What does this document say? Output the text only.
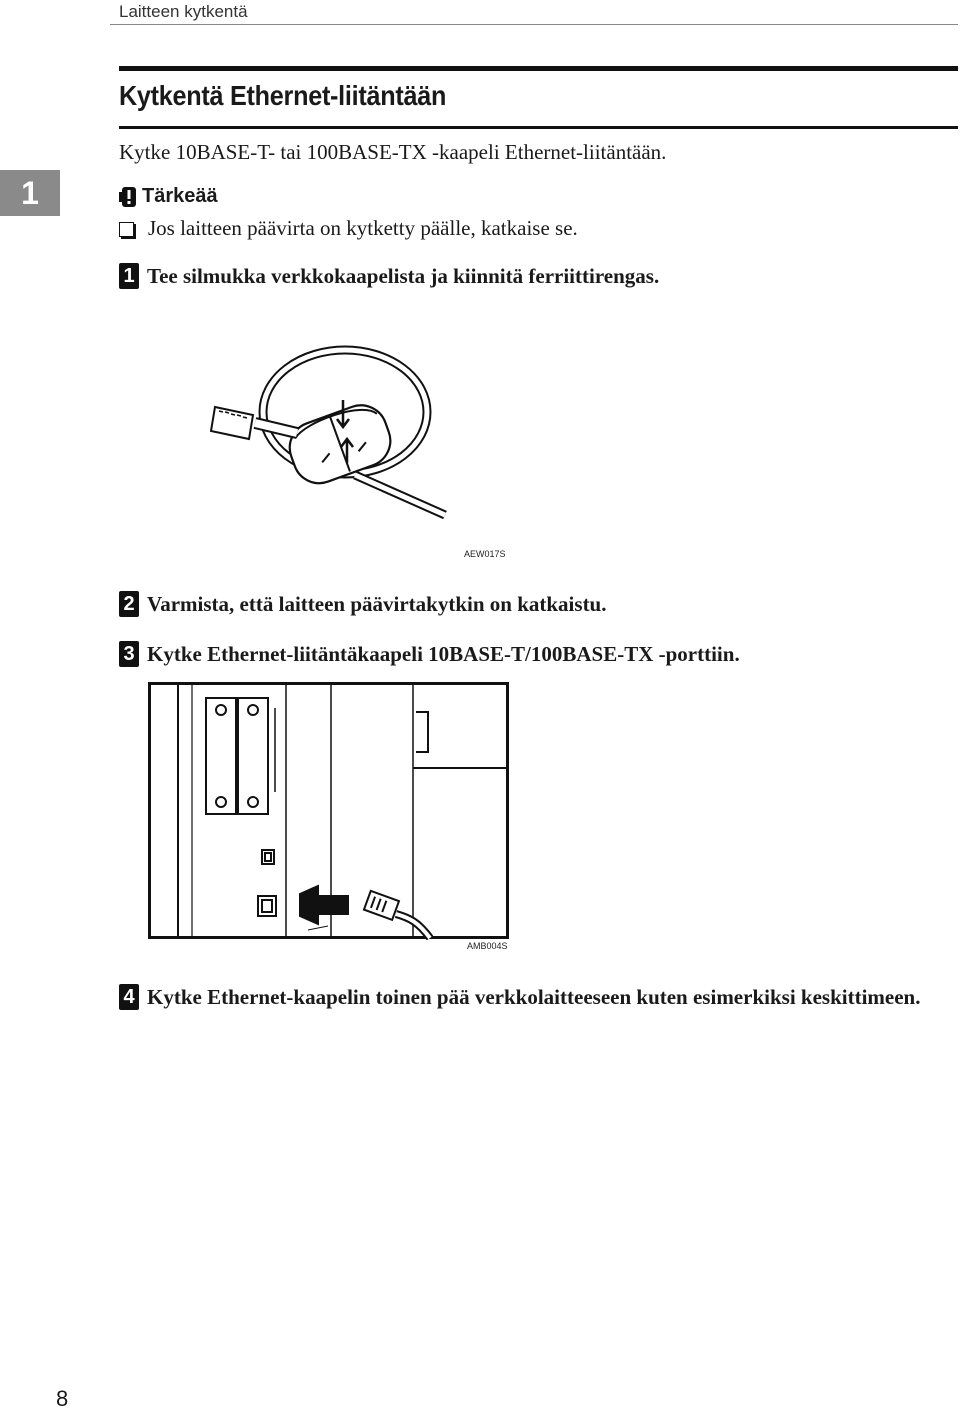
Laitteen kytkentä
1
Kytkentä Ethernet-liitäntään
Kytke 10BASE-T- tai 100BASE-TX -kaapeli Ethernet-liitäntään.
Tärkeää
Jos laitteen päävirta on kytketty päälle, katkaise se.
1 Tee silmukka verkkokaapelista ja kiinnitä ferriittirengas.
AEW017S
2 Varmista, että laitteen päävirtakytkin on katkaistu.
3 Kytke Ethernet-liitäntäkaapeli 10BASE-T/100BASE-TX -porttiin.
AMB004S
4 Kytke Ethernet-kaapelin toinen pää verkkolaitteeseen kuten esimerkiksi keskittimeen.
8
